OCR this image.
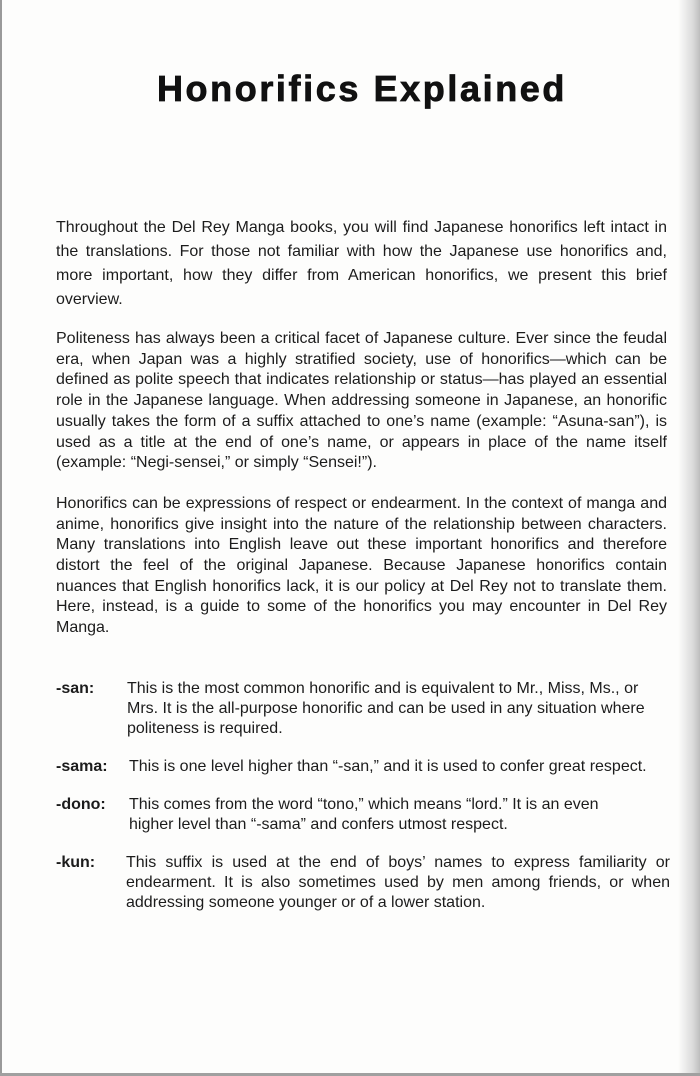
Honorifics Explained

Throughout the Del Rey Manga books, you will find Japanese honorifics left intact in the translations. For those not familiar with how the Japanese use honorifics and, more important, how they differ from American honorifics, we present this brief overview.

Politeness has always been a critical facet of Japanese culture. Ever since the feudal era, when Japan was a highly stratified society, use of honorifics—which can be defined as polite speech that indicates relationship or status—has played an essential role in the Japanese language. When addressing someone in Japanese, an honorific usually takes the form of a suffix attached to one’s name (example: “Asuna-san”), is used as a title at the end of one’s name, or appears in place of the name itself (example: “Negi-sensei,” or simply “Sensei!”).

Honorifics can be expressions of respect or endearment. In the context of manga and anime, honorifics give insight into the nature of the relationship between characters. Many translations into English leave out these important honorifics and therefore distort the feel of the original Japanese. Because Japanese honorifics contain nuances that English honorifics lack, it is our policy at Del Rey not to translate them. Here, instead, is a guide to some of the honorifics you may encounter in Del Rey Manga.

-san:	This is the most common honorific and is equivalent to Mr., Miss, Ms., or Mrs. It is the all-purpose honorific and can be used in any situation where politeness is required.
-sama:	This is one level higher than “-san,” and it is used to confer great respect.
-dono:	This comes from the word “tono,” which means “lord.” It is an even higher level than “-sama” and confers utmost respect.
-kun:	This suffix is used at the end of boys’ names to express familiarity or endearment. It is also sometimes used by men among friends, or when addressing someone younger or of a lower station.
